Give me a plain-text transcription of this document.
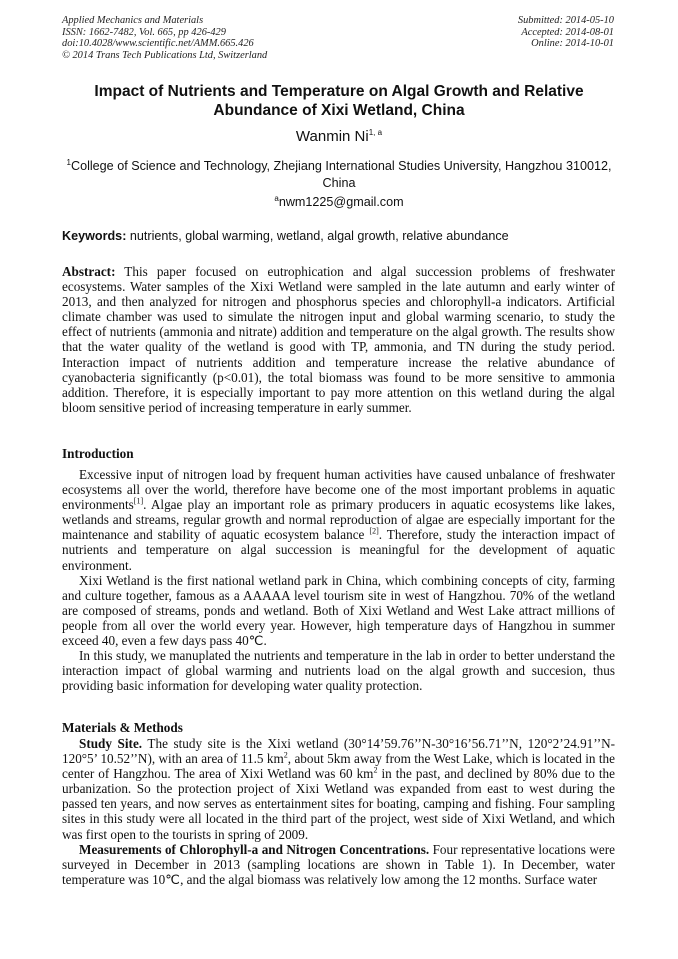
Applied Mechanics and Materials
ISSN: 1662-7482, Vol. 665, pp 426-429
doi:10.4028/www.scientific.net/AMM.665.426
© 2014 Trans Tech Publications Ltd, Switzerland
Submitted: 2014-05-10
Accepted: 2014-08-01
Online: 2014-10-01
Impact of Nutrients and Temperature on Algal Growth and Relative Abundance of Xixi Wetland, China
Wanmin Ni$^{1, a}$
$^1$College of Science and Technology, Zhejiang International Studies University, Hangzhou 310012, China
$^a$nwm1225@gmail.com
Keywords: nutrients, global warming, wetland, algal growth, relative abundance

Abstract: This paper focused on eutrophication and algal succession problems of freshwater ecosystems. Water samples of the Xixi Wetland were sampled in the late autumn and early winter of 2013, and then analyzed for nitrogen and phosphorus species and chlorophyll-a indicators. Artificial climate chamber was used to simulate the nitrogen input and global warming scenario, to study the effect of nutrients (ammonia and nitrate) addition and temperature on the algal growth. The results show that the water quality of the wetland is good with TP, ammonia, and TN during the study period. Interaction impact of nutrients addition and temperature increase the relative abundance of cyanobacteria significantly (p<0.01), the total biomass was found to be more sensitive to ammonia addition. Therefore, it is especially important to pay more attention on this wetland during the algal bloom sensitive period of increasing temperature in early summer.

Introduction

Excessive input of nitrogen load by frequent human activities have caused unbalance of freshwater ecosystems all over the world, therefore have become one of the most important problems in aquatic environments[1]. Algae play an important role as primary producers in aquatic ecosystems like lakes, wetlands and streams, regular growth and normal reproduction of algae are especially important for the maintenance and stability of aquatic ecosystem balance [2]. Therefore, study the interaction impact of nutrients and temperature on algal succession is meaningful for the development of aquatic environment.

Xixi Wetland is the first national wetland park in China, which combining concepts of city, farming and culture together, famous as a AAAAA level tourism site in west of Hangzhou. 70% of the wetland are composed of streams, ponds and wetland. Both of Xixi Wetland and West Lake attract millions of people from all over the world every year. However, high temperature days of Hangzhou in summer exceed 40, even a few days pass 40℃.

In this study, we manuplated the nutrients and temperature in the lab in order to better understand the interaction impact of global warming and nutrients load on the algal growth and succesion, thus providing basic information for developing water quality protection.

Materials & Methods

Study Site. The study site is the Xixi wetland (30°14’59.76’’N-30°16’56.71’’N, 120°2’24.91’’N-120°5’ 10.52’’N), with an area of 11.5 $km^2$, about 5km away from the West Lake, which is located in the center of Hangzhou. The area of Xixi Wetland was 60 $km^2$ in the past, and declined by 80% due to the urbanization. So the protection project of Xixi Wetland was expanded from east to west during the passed ten years, and now serves as entertainment sites for boating, camping and fishing. Four sampling sites in this study were all located in the third part of the project, west side of Xixi Wetland, and which was first open to the tourists in spring of 2009.

Measurements of Chlorophyll-a and Nitrogen Concentrations. Four representative locations were surveyed in December in 2013 (sampling locations are shown in Table 1). In December, water temperature was 10℃, and the algal biomass was relatively low among the 12 months. Surface water
